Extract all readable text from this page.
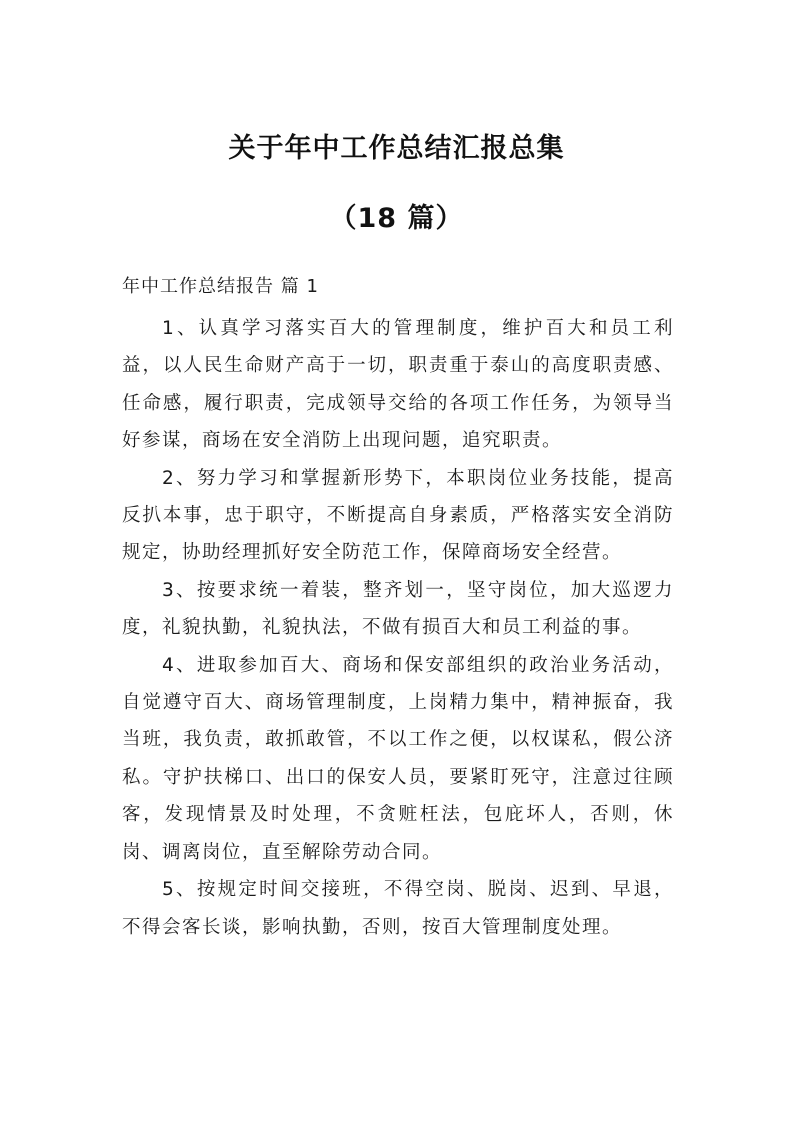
关于年中工作总结汇报总集
（18 篇）
年中工作总结报告 篇 1

1、认真学习落实百大的管理制度，维护百大和员工利益，以人民生命财产高于一切，职责重于泰山的高度职责感、任命感，履行职责，完成领导交给的各项工作任务，为领导当好参谋，商场在安全消防上出现问题，追究职责。

2、努力学习和掌握新形势下，本职岗位业务技能，提高反扒本事，忠于职守，不断提高自身素质，严格落实安全消防规定，协助经理抓好安全防范工作，保障商场安全经营。

3、按要求统一着装，整齐划一，坚守岗位，加大巡逻力度，礼貌执勤，礼貌执法，不做有损百大和员工利益的事。

4、进取参加百大、商场和保安部组织的政治业务活动，自觉遵守百大、商场管理制度，上岗精力集中，精神振奋，我当班，我负责，敢抓敢管，不以工作之便，以权谋私，假公济私。守护扶梯口、出口的保安人员，要紧盯死守，注意过往顾客，发现情景及时处理，不贪赃枉法，包庇坏人，否则，休岗、调离岗位，直至解除劳动合同。

5、按规定时间交接班，不得空岗、脱岗、迟到、早退，不得会客长谈，影响执勤，否则，按百大管理制度处理。
